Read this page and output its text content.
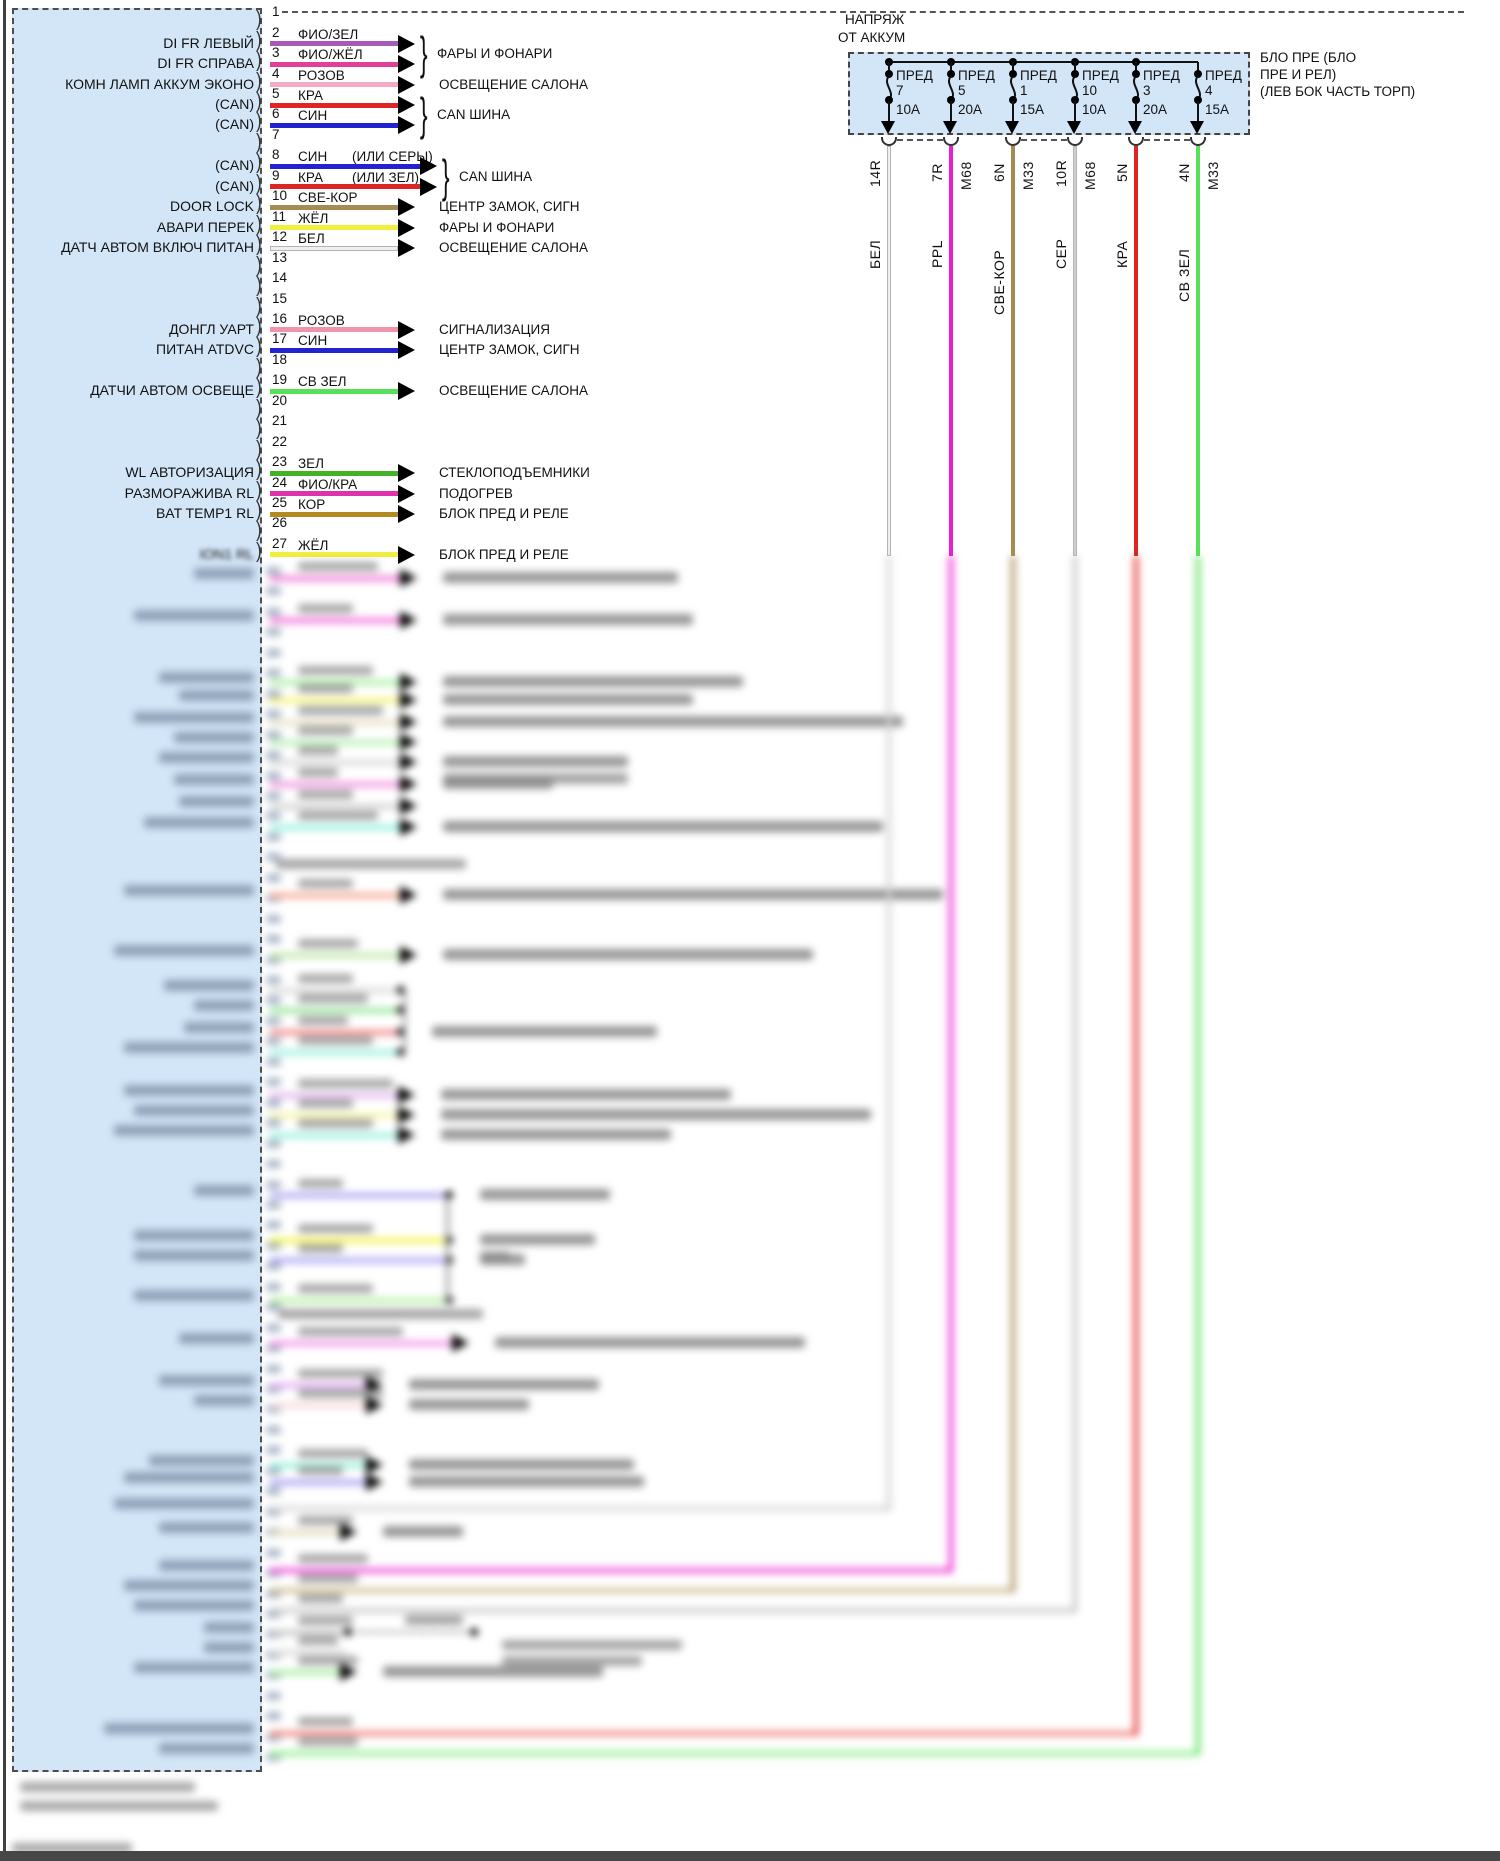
НАПРЯЖ
ОТ АККУМ
БЛО ПРЕ (БЛО
ПРЕ И РЕЛ)
(ЛЕВ БОК ЧАСТЬ ТОРП)
ПРЕД
7
10A
14R
БЕЛ
ПРЕД
5
20A
7R M68
PPL
ПРЕД
1
15A
6N M33
СВЕ-КОР
ПРЕД
10
10A
10R M68
СЕР
ПРЕД
3
20A
5N
КРА
ПРЕД
4
15A
4N M33
СВ ЗЕЛ
) 1
) 2
DI FR ЛЕВЫЙ
ФИО/ЗЕЛ
) 3
DI FR СПРАВА
ФИО/ЖЁЛ } ФАРЫ И ФОНАРИ
) 4
КОМН ЛАМП АККУМ ЭКОНО
РОЗОВ
ОСВЕЩЕНИЕ САЛОНА
) 5
(CAN)
КРА
) 6
(CAN)
СИН } CAN ШИНА
) 7
) 8
(CAN)
СИН (ИЛИ СЕРЫ)
) 9
(CAN)
КРА (ИЛИ ЗЕЛ) } CAN ШИНА
) 10
DOOR LOCK
СВЕ-КОР
ЦЕНТР ЗАМОК, СИГН
) 11
АВАРИ ПЕРЕК
ЖЁЛ
ФАРЫ И ФОНАРИ
) 12
ДАТЧ АВТОМ ВКЛЮЧ ПИТАН
БЕЛ
ОСВЕЩЕНИЕ САЛОНА
) 13
) 14
) 15
) 16
ДОНГЛ УАРТ
РОЗОВ
СИГНАЛИЗАЦИЯ
) 17
ПИТАН ATDVC
СИН
ЦЕНТР ЗАМОК, СИГН
) 18
) 19
ДАТЧИ АВТОМ ОСВЕЩЕ
СВ ЗЕЛ
ОСВЕЩЕНИЕ САЛОНА
) 20
) 21
) 22
) 23
WL АВТОРИЗАЦИЯ
ЗЕЛ
СТЕКЛОПОДЪЕМНИКИ
) 24
РАЗМОРАЖИВА RL
ФИО/КРА
ПОДОГРЕВ
) 25
BAT TEMP1 RL
КОР
БЛОК ПРЕД И РЕЛЕ
) 26
) 27
ION1 RL
ЖЁЛ
БЛОК ПРЕД И РЕЛЕ
